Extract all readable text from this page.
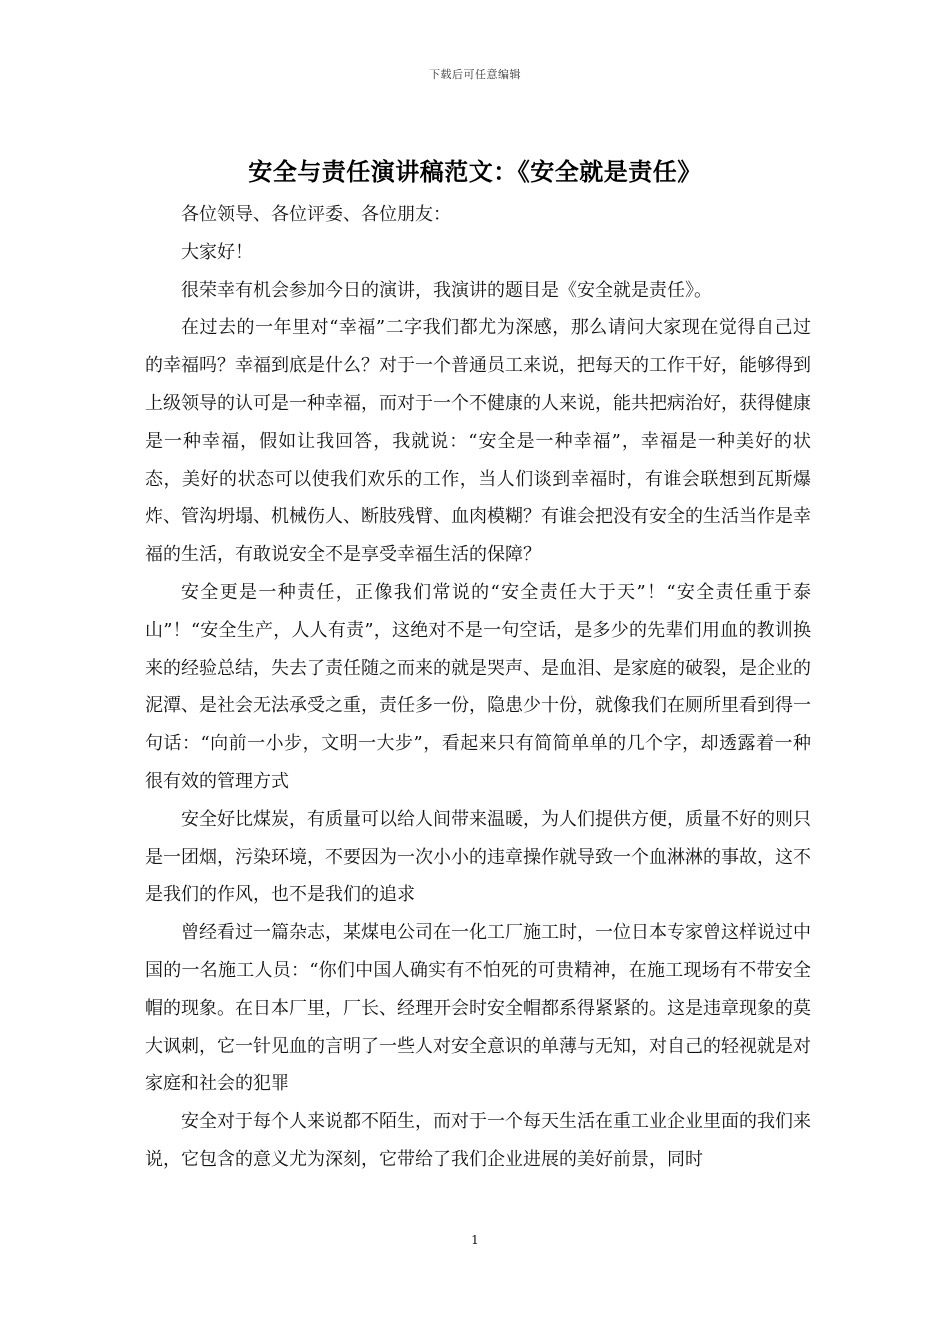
下载后可任意编辑
安全与责任演讲稿范文：《安全就是责任》

各位领导、各位评委、各位朋友：

大家好！

很荣幸有机会参加今日的演讲，我演讲的题目是《安全就是责任》。

在过去的一年里对“幸福”二字我们都尤为深感，那么请问大家现在觉得自己过的幸福吗？幸福到底是什么？对于一个普通员工来说，把每天的工作干好，能够得到上级领导的认可是一种幸福，而对于一个不健康的人来说，能共把病治好，获得健康是一种幸福，假如让我回答，我就说：“安全是一种幸福”，幸福是一种美好的状态，美好的状态可以使我们欢乐的工作，当人们谈到幸福时，有谁会联想到瓦斯爆炸、管沟坍塌、机械伤人、断肢残臂、血肉模糊？有谁会把没有安全的生活当作是幸福的生活，有敢说安全不是享受幸福生活的保障？

安全更是一种责任，正像我们常说的“安全责任大于天”！“安全责任重于泰山”！“安全生产，人人有责”，这绝对不是一句空话，是多少的先辈们用血的教训换来的经验总结，失去了责任随之而来的就是哭声、是血泪、是家庭的破裂，是企业的泥潭、是社会无法承受之重，责任多一份，隐患少十份，就像我们在厕所里看到得一句话：“向前一小步，文明一大步”，看起来只有简简单单的几个字，却透露着一种很有效的管理方式

安全好比煤炭，有质量可以给人间带来温暖，为人们提供方便，质量不好的则只是一团烟，污染环境，不要因为一次小小的违章操作就导致一个血淋淋的事故，这不是我们的作风，也不是我们的追求

曾经看过一篇杂志，某煤电公司在一化工厂施工时，一位日本专家曾这样说过中国的一名施工人员：“你们中国人确实有不怕死的可贵精神，在施工现场有不带安全帽的现象。在日本厂里，厂长、经理开会时安全帽都系得紧紧的。这是违章现象的莫大讽刺，它一针见血的言明了一些人对安全意识的单薄与无知，对自己的轻视就是对家庭和社会的犯罪

安全对于每个人来说都不陌生，而对于一个每天生活在重工业企业里面的我们来说，它包含的意义尤为深刻，它带给了我们企业进展的美好前景，同时

1
